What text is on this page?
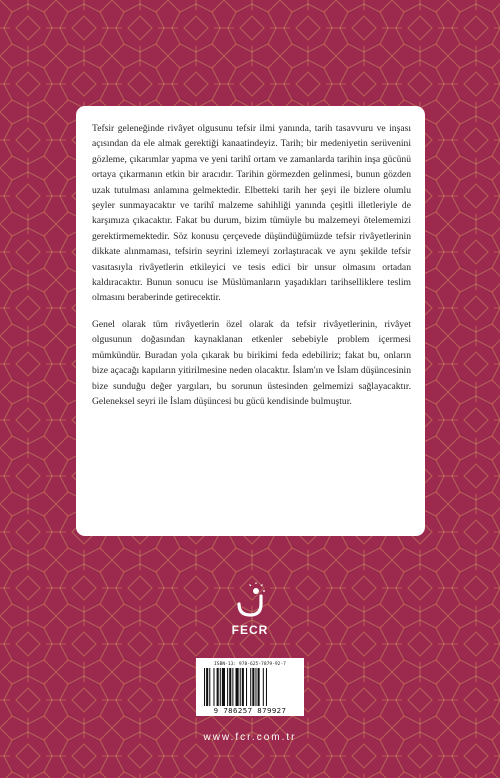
Tefsir geleneğinde rivâyet olgusunu tefsir ilmi yanında, tarih tasavvuru ve inşası açısından da ele almak gerektiği kanaatindeyiz. Tarih; bir medeniyetin serüvenini gözleme, çıkarımlar yapma ve yeni tarihî ortam ve zamanlarda tarihin inşa gücünü ortaya çıkarmanın etkin bir aracıdır. Tarihin görmezden gelinmesi, bunun gözden uzak tutulması anlamına gelmektedir. Elbetteki tarih her şeyi ile bizlere olumlu şeyler sunmayacaktır ve tarihî malzeme sahihliği yanında çeşitli illetleriyle de karşımıza çıkacaktır. Fakat bu durum, bizim tümüyle bu malzemeyi ötelememizi gerektirmemektedir. Söz konusu çerçevede düşündüğümüzde tefsir rivâyetlerinin dikkate alınmaması, tefsirin seyrini izlemeyi zorlaştıracak ve aynı şekilde tefsir vasıtasıyla rivâyetlerin etkileyici ve tesis edici bir unsur olmasını ortadan kaldıracaktır. Bunun sonucu ise Müslümanların yaşadıkları tarihselliklere teslim olmasını beraberinde getirecektir.

Genel olarak tüm rivâyetlerin özel olarak da tefsir rivâyetlerinin, rivâyet olgusunun doğasından kaynaklanan etkenler sebebiyle problem içermesi mümkündür. Buradan yola çıkarak bu birikimi feda edebiliriz; fakat bu, onların bize açacağı kapıların yitirilmesine neden olacaktır. İslam'ın ve İslam düşüncesinin bize sunduğu değer yargıları, bu sorunun üstesinden gelmemizi sağlayacaktır. Geleneksel seyri ile İslam düşüncesi bu gücü kendisinde bulmuştur.

FECR
ISBN-13: 978-625-7879-92-7
9 786257 879927
www.fcr.com.tr
